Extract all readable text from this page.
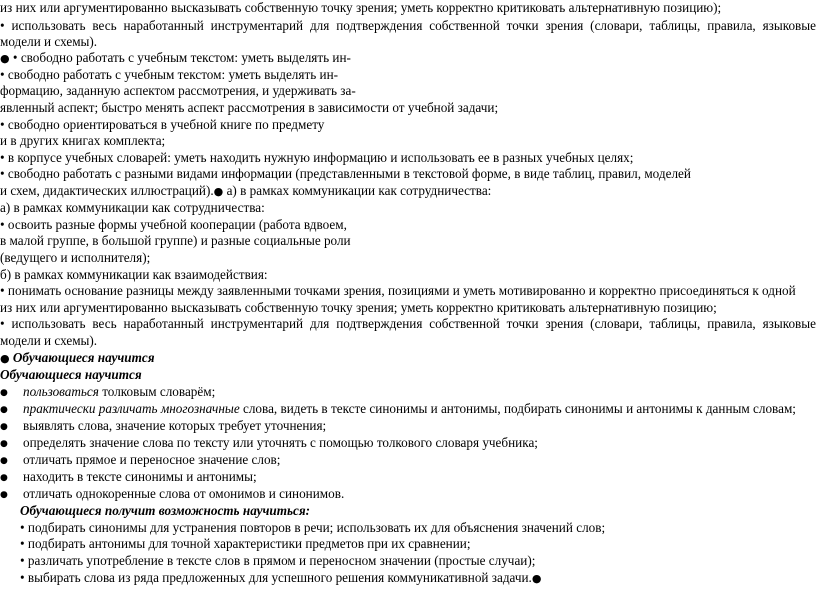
из них или аргументированно высказывать собственную точку зрения; уметь корректно критиковать альтернативную позицию);
• использовать весь наработанный инструментарий для подтверждения собственной точки зрения (словари, таблицы, правила, языковые
модели и схемы).
● • свободно работать с учебным текстом: уметь выделять ин-
• свободно работать с учебным текстом: уметь выделять ин-
формацию, заданную аспектом рассмотрения, и удерживать за-
явленный аспект; быстро менять аспект рассмотрения в зависимости от учебной задачи;
• свободно ориентироваться в учебной книге по предмету
и в других книгах комплекта;
• в корпусе учебных словарей: уметь находить нужную информацию и использовать ее в разных учебных целях;
• свободно работать с разными видами информации (представленными в текстовой форме, в виде таблиц, правил, моделей
и схем, дидактических иллюстраций).● а) в рамках коммуникации как сотрудничества:
а) в рамках коммуникации как сотрудничества:
• освоить разные формы учебной кооперации (работа вдвоем,
в малой группе, в большой группе) и разные социальные роли
(ведущего и исполнителя);
б) в рамках коммуникации как взаимодействия:
• понимать основание разницы между заявленными точками зрения, позициями и уметь мотивированно и корректно присоединяться к одной
из них или аргументированно высказывать собственную точку зрения; уметь корректно критиковать альтернативную позицию;
• использовать весь наработанный инструментарий для подтверждения собственной точки зрения (словари, таблицы, правила, языковые
модели и схемы).
● Обучающиеся научится
Обучающиеся научится
● пользоваться толковым словарём;
● практически различать многозначные слова, видеть в тексте синонимы и антонимы, подбирать синонимы и антонимы к данным словам;
● выявлять слова, значение которых требует уточнения;
● определять значение слова по тексту или уточнять с помощью толкового словаря учебника;
● отличать прямое и переносное значение слов;
● находить в тексте синонимы и антонимы;
● отличать однокоренные слова от омонимов и синонимов.
Обучающиеся получит возможность научиться:
• подбирать синонимы для устранения повторов в речи; использовать их для объяснения значений слов;
• подбирать антонимы для точной характеристики предметов при их сравнении;
• различать употребление в тексте слов в прямом и переносном значении (простые случаи);
• выбирать слова из ряда предложенных для успешного решения коммуникативной задачи.●
